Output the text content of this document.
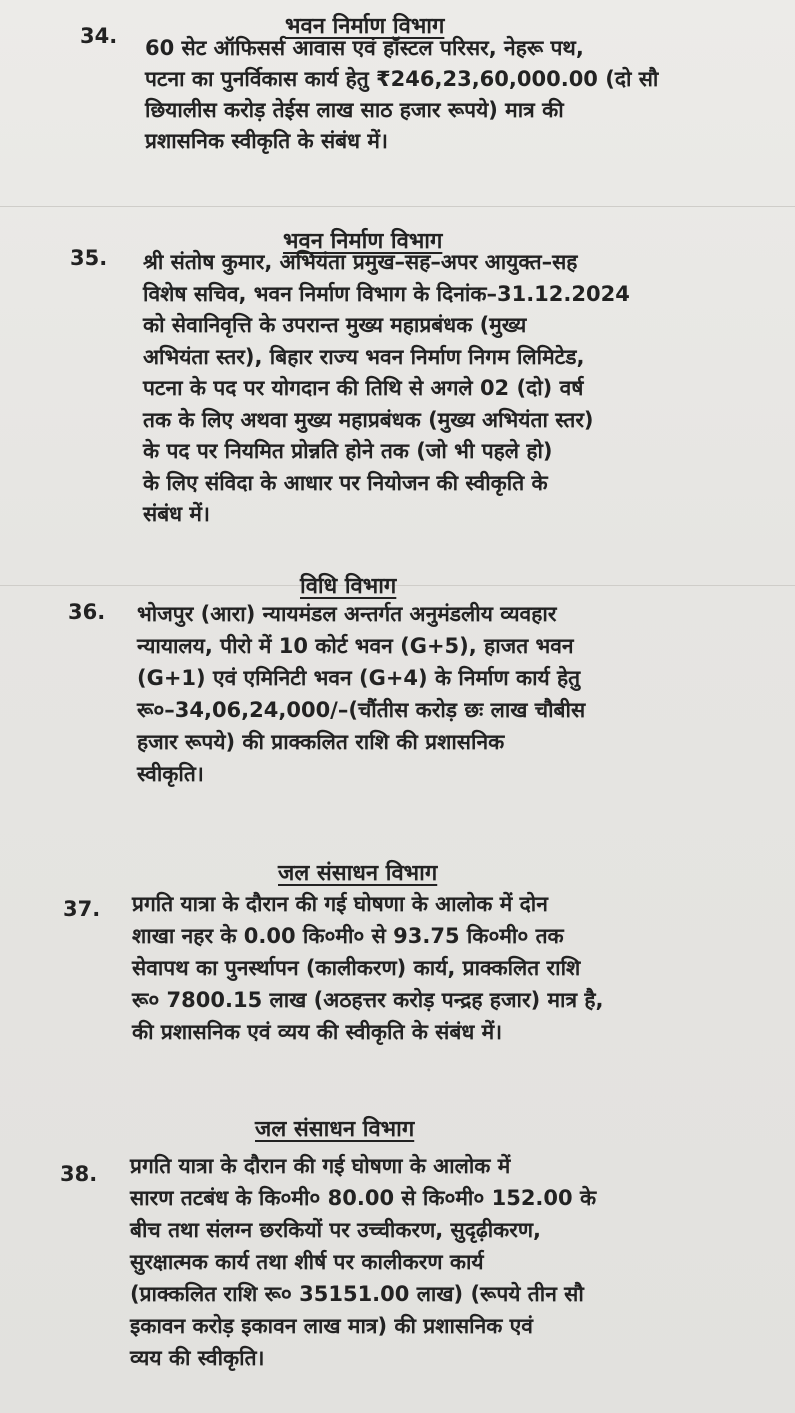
भवन निर्माण विभाग
34. 60 सेट ऑफिसर्स आवास एवं हॉस्टल परिसर, नेहरू पथ,
पटना का पुनर्विकास कार्य हेतु ₹246,23,60,000.00 (दो सौ
छियालीस करोड़ तेईस लाख साठ हजार रूपये) मात्र की
प्रशासनिक स्वीकृति के संबंध में।
भवन निर्माण विभाग
35. श्री संतोष कुमार, अभियंता प्रमुख–सह–अपर आयुक्त–सह
विशेष सचिव, भवन निर्माण विभाग के दिनांक–31.12.2024
को सेवानिवृत्ति के उपरान्त मुख्य महाप्रबंधक (मुख्य
अभियंता स्तर), बिहार राज्य भवन निर्माण निगम लिमिटेड,
पटना के पद पर योगदान की तिथि से अगले 02 (दो) वर्ष
तक के लिए अथवा मुख्य महाप्रबंधक (मुख्य अभियंता स्तर)
के पद पर नियमित प्रोन्नति होने तक (जो भी पहले हो)
के लिए संविदा के आधार पर नियोजन की स्वीकृति के
संबंध में।
विधि विभाग
36. भोजपुर (आरा) न्यायमंडल अन्तर्गत अनुमंडलीय व्यवहार
न्यायालय, पीरो में 10 कोर्ट भवन (G+5), हाजत भवन
(G+1) एवं एमिनिटी भवन (G+4) के निर्माण कार्य हेतु
रू०–34,06,24,000/–(चौंतीस करोड़ छः लाख चौबीस
हजार रूपये) की प्राक्कलित राशि की प्रशासनिक
स्वीकृति।
जल संसाधन विभाग
37. प्रगति यात्रा के दौरान की गई घोषणा के आलोक में दोन
शाखा नहर के 0.00 कि०मी० से 93.75 कि०मी० तक
सेवापथ का पुनर्स्थापन (कालीकरण) कार्य, प्राक्कलित राशि
रू० 7800.15 लाख (अठहत्तर करोड़ पन्द्रह हजार) मात्र है,
की प्रशासनिक एवं व्यय की स्वीकृति के संबंध में।
जल संसाधन विभाग
38. प्रगति यात्रा के दौरान की गई घोषणा के आलोक में
सारण तटबंध के कि०मी० 80.00 से कि०मी० 152.00 के
बीच तथा संलग्न छरकियों पर उच्चीकरण, सुदृढ़ीकरण,
सुरक्षात्मक कार्य तथा शीर्ष पर कालीकरण कार्य
(प्राक्कलित राशि रू० 35151.00 लाख) (रूपये तीन सौ
इकावन करोड़ इकावन लाख मात्र) की प्रशासनिक एवं
व्यय की स्वीकृति।
